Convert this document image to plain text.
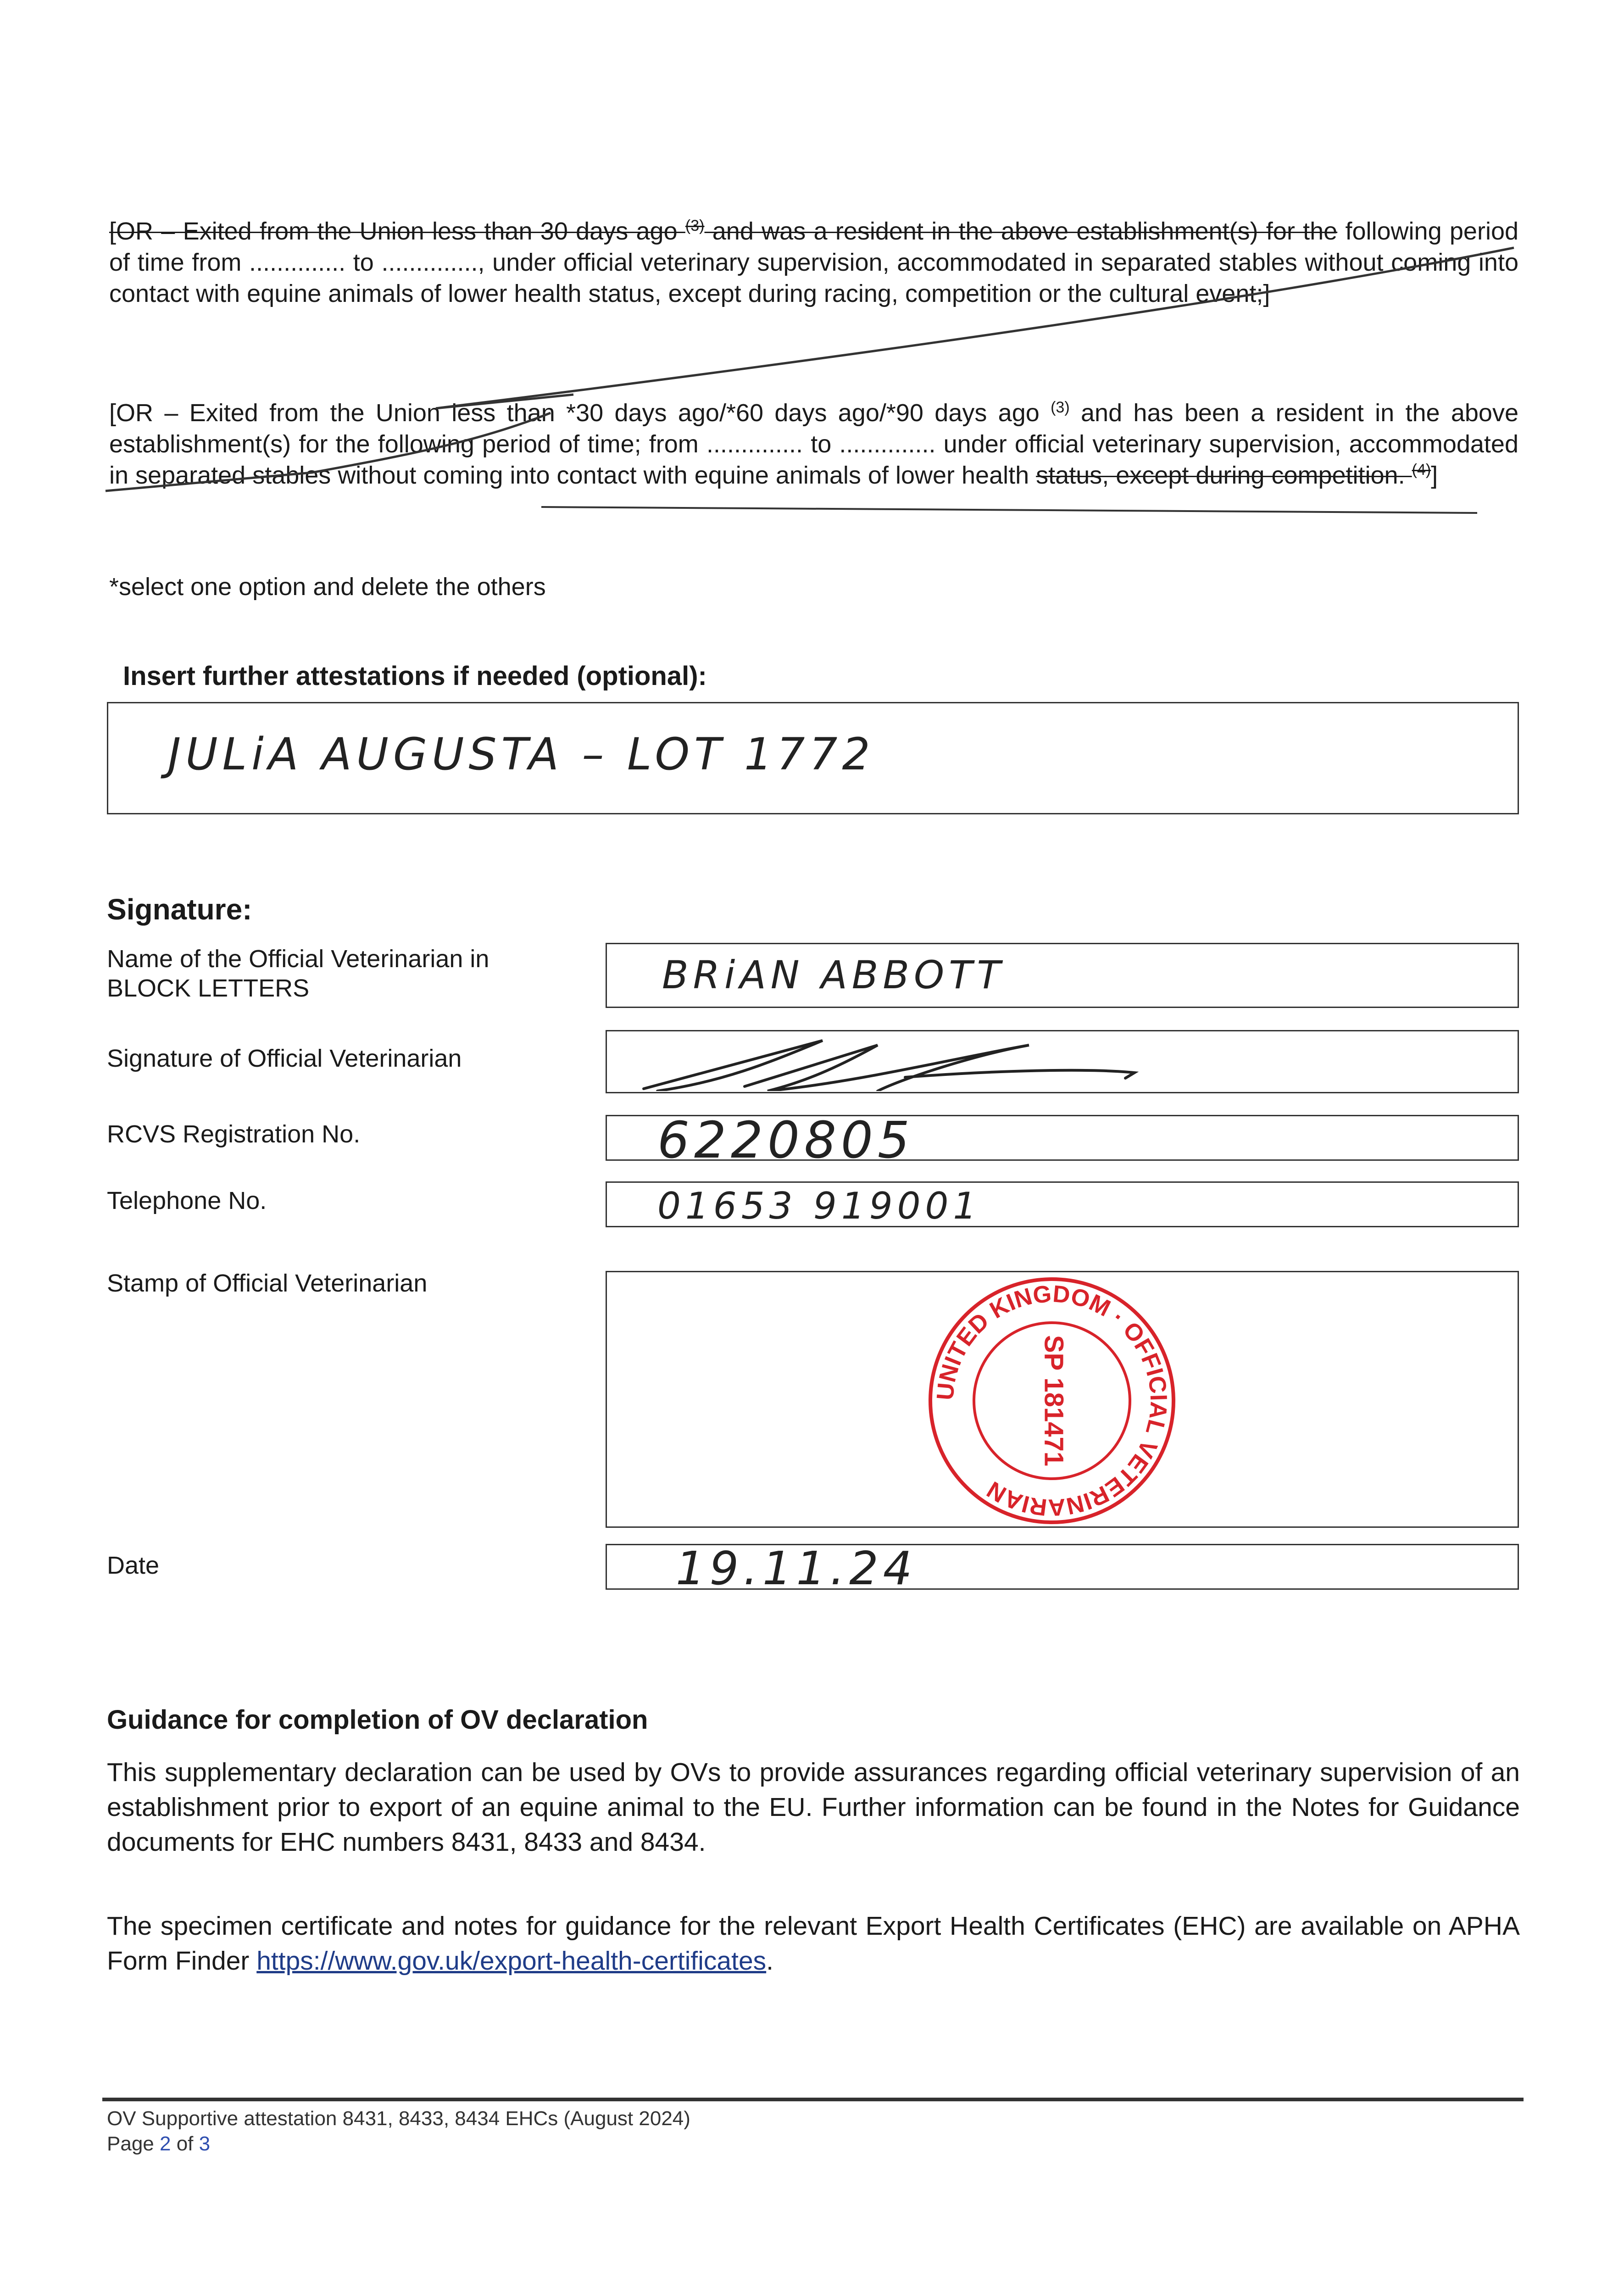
[OR – Exited from the Union less than 30 days ago $^{(3)}$ and was a resident in the above establishment(s) for the following period of time from .............. to .............., under official veterinary supervision, accommodated in separated stables without coming into contact with equine animals of lower health status, except during racing, competition or the cultural event;]
[OR – Exited from the Union less than *30 days ago/*60 days ago/*90 days ago $^{(3)}$ and has been a resident in the above establishment(s) for the following period of time; from .............. to .............. under official veterinary supervision, accommodated in separated stables without coming into contact with equine animals of lower health status, except during competition. $^{(4)}$]
*select one option and delete the others
Insert further attestations if needed (optional):
JULiA AUGUSTA – LOT 1772
Signature:
Name of the Official Veterinarian in BLOCK LETTERS	BRiAN ABBOTT
Signature of Official Veterinarian
RCVS Registration No.	6220805
Telephone No.	01653 919001
Stamp of Official Veterinarian
UNITED KINGDOM · OFFICIAL VETERINARIAN
SP 181471
Date	19.11.24
Guidance for completion of OV declaration
This supplementary declaration can be used by OVs to provide assurances regarding official veterinary supervision of an establishment prior to export of an equine animal to the EU. Further information can be found in the Notes for Guidance documents for EHC numbers 8431, 8433 and 8434.
The specimen certificate and notes for guidance for the relevant Export Health Certificates (EHC) are available on APHA Form Finder https://www.gov.uk/export-health-certificates.
OV Supportive attestation 8431, 8433, 8434 EHCs (August 2024)
Page 2 of 3
